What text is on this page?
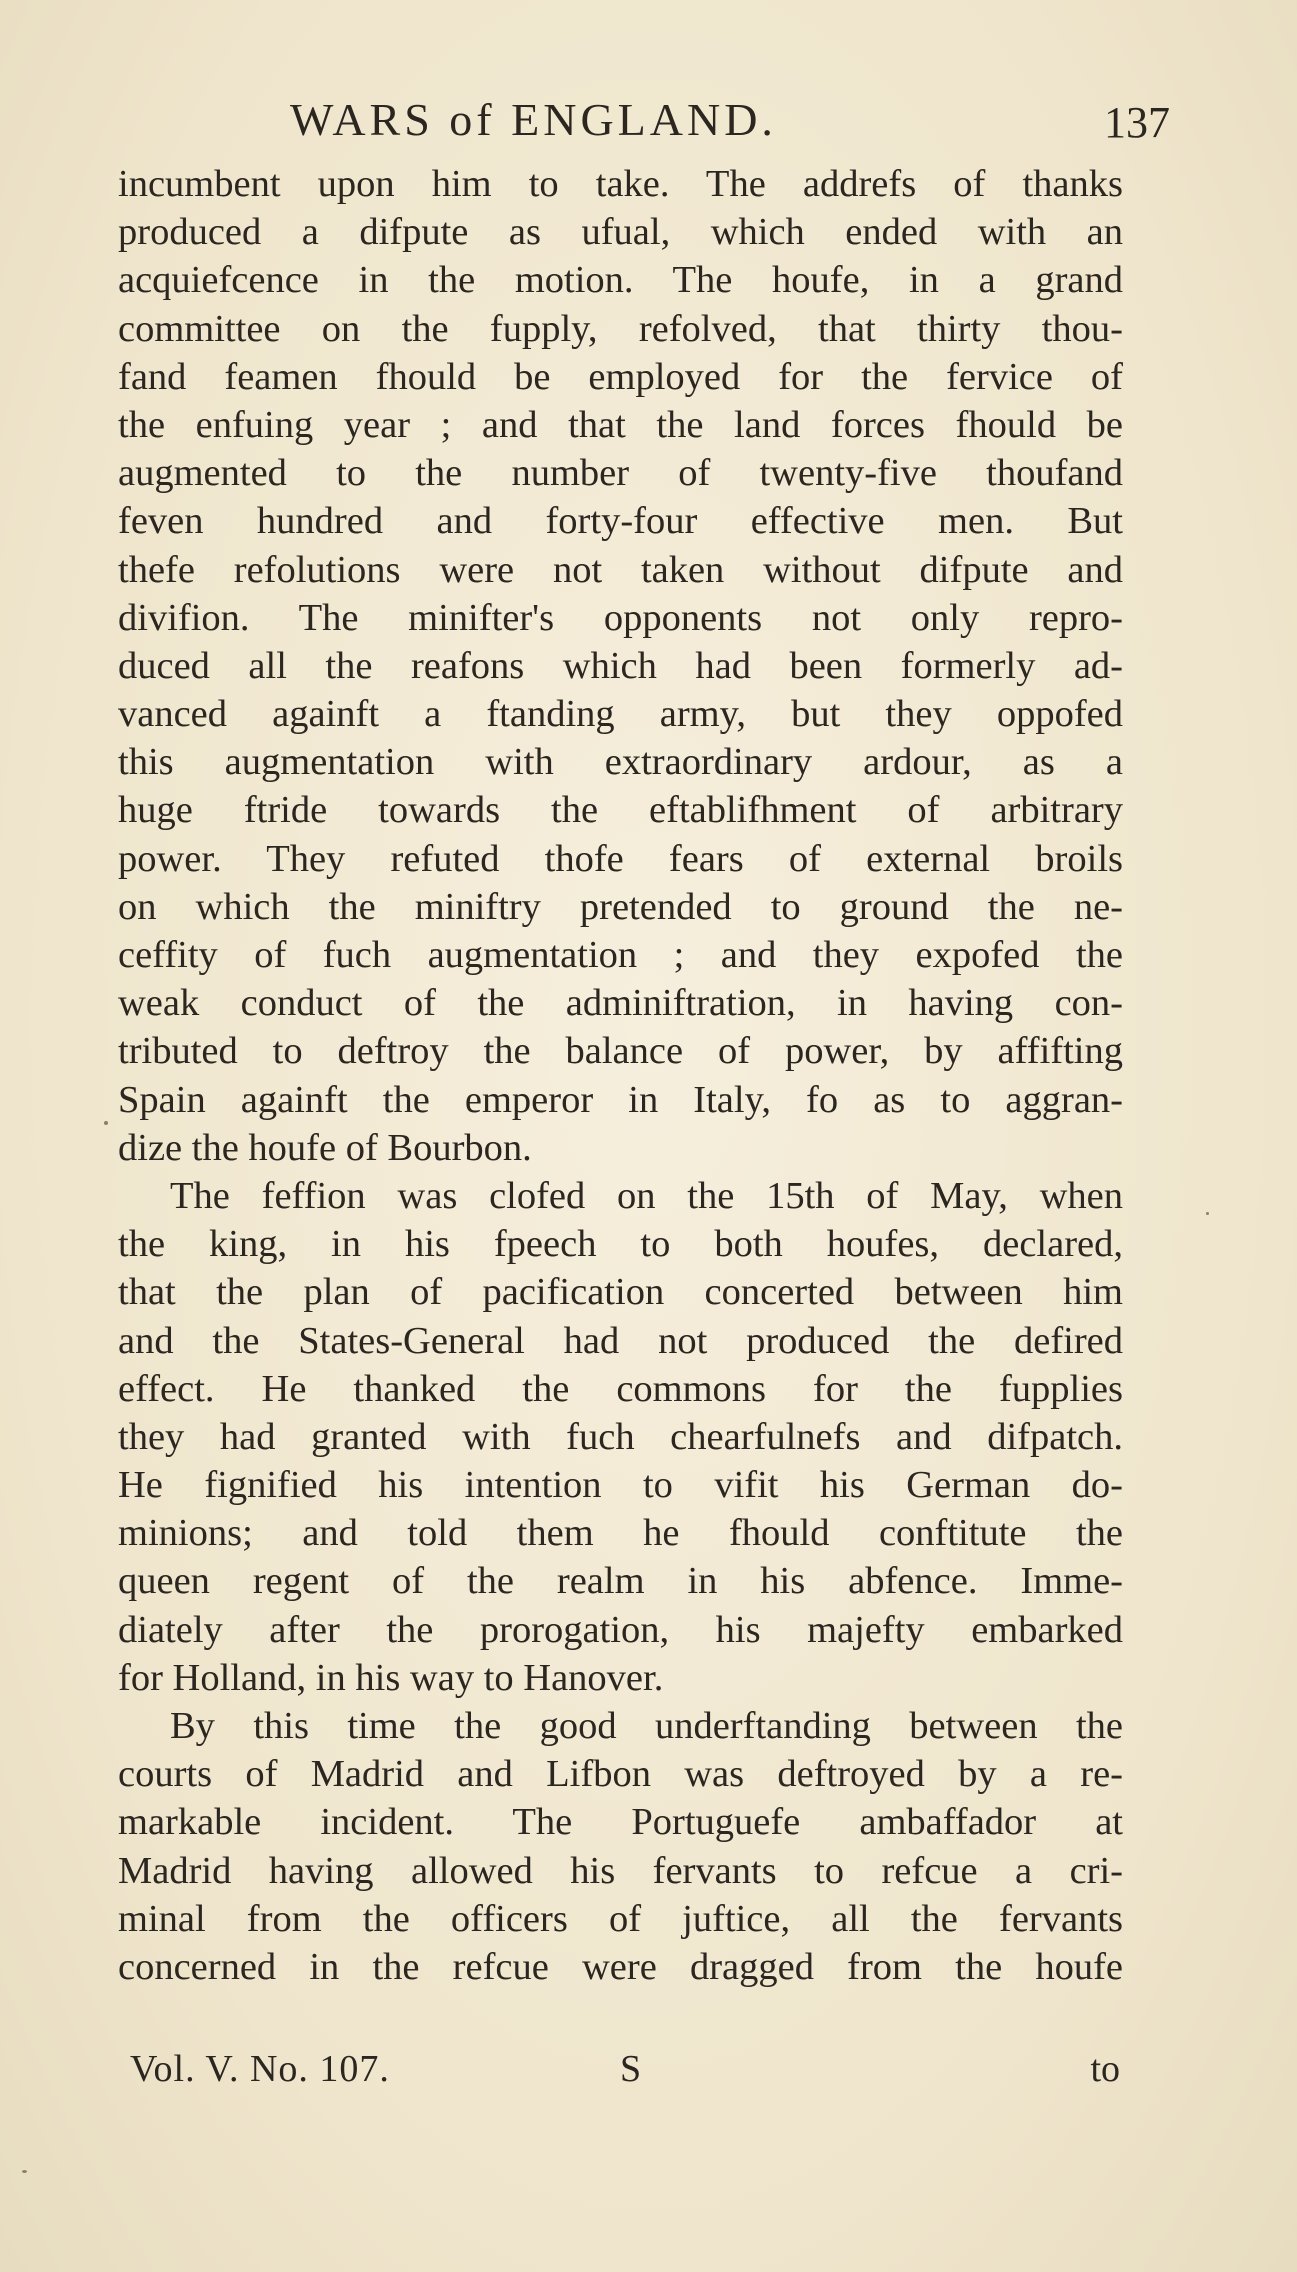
WARS of ENGLAND.	137
incumbent upon him to take. The addrefs of thanks
produced a difpute as ufual, which ended with an
acquiefcence in the motion. The houfe, in a grand
committee on the fupply, refolved, that thirty thou-
fand feamen fhould be employed for the fervice of
the enfuing year ; and that the land forces fhould be
augmented to the number of twenty-five thoufand
feven hundred and forty-four effective men. But
thefe refolutions were not taken without difpute and
divifion. The minifter's opponents not only repro-
duced all the reafons which had been formerly ad-
vanced againft a ftanding army, but they oppofed
this augmentation with extraordinary ardour, as a
huge ftride towards the eftablifhment of arbitrary
power. They refuted thofe fears of external broils
on which the miniftry pretended to ground the ne-
ceffity of fuch augmentation ; and they expofed the
weak conduct of the adminiftration, in having con-
tributed to deftroy the balance of power, by affifting
Spain againft the emperor in Italy, fo as to aggran-
dize the houfe of Bourbon.
The feffion was clofed on the 15th of May, when
the king, in his fpeech to both houfes, declared,
that the plan of pacification concerted between him
and the States-General had not produced the defired
effect. He thanked the commons for the fupplies
they had granted with fuch chearfulnefs and difpatch.
He fignified his intention to vifit his German do-
minions; and told them he fhould conftitute the
queen regent of the realm in his abfence. Imme-
diately after the prorogation, his majefty embarked
for Holland, in his way to Hanover.
By this time the good underftanding between the
courts of Madrid and Lifbon was deftroyed by a re-
markable incident. The Portuguefe ambaffador at
Madrid having allowed his fervants to refcue a cri-
minal from the officers of juftice, all the fervants
concerned in the refcue were dragged from the houfe
Vol. V. No. 107.	S	to
